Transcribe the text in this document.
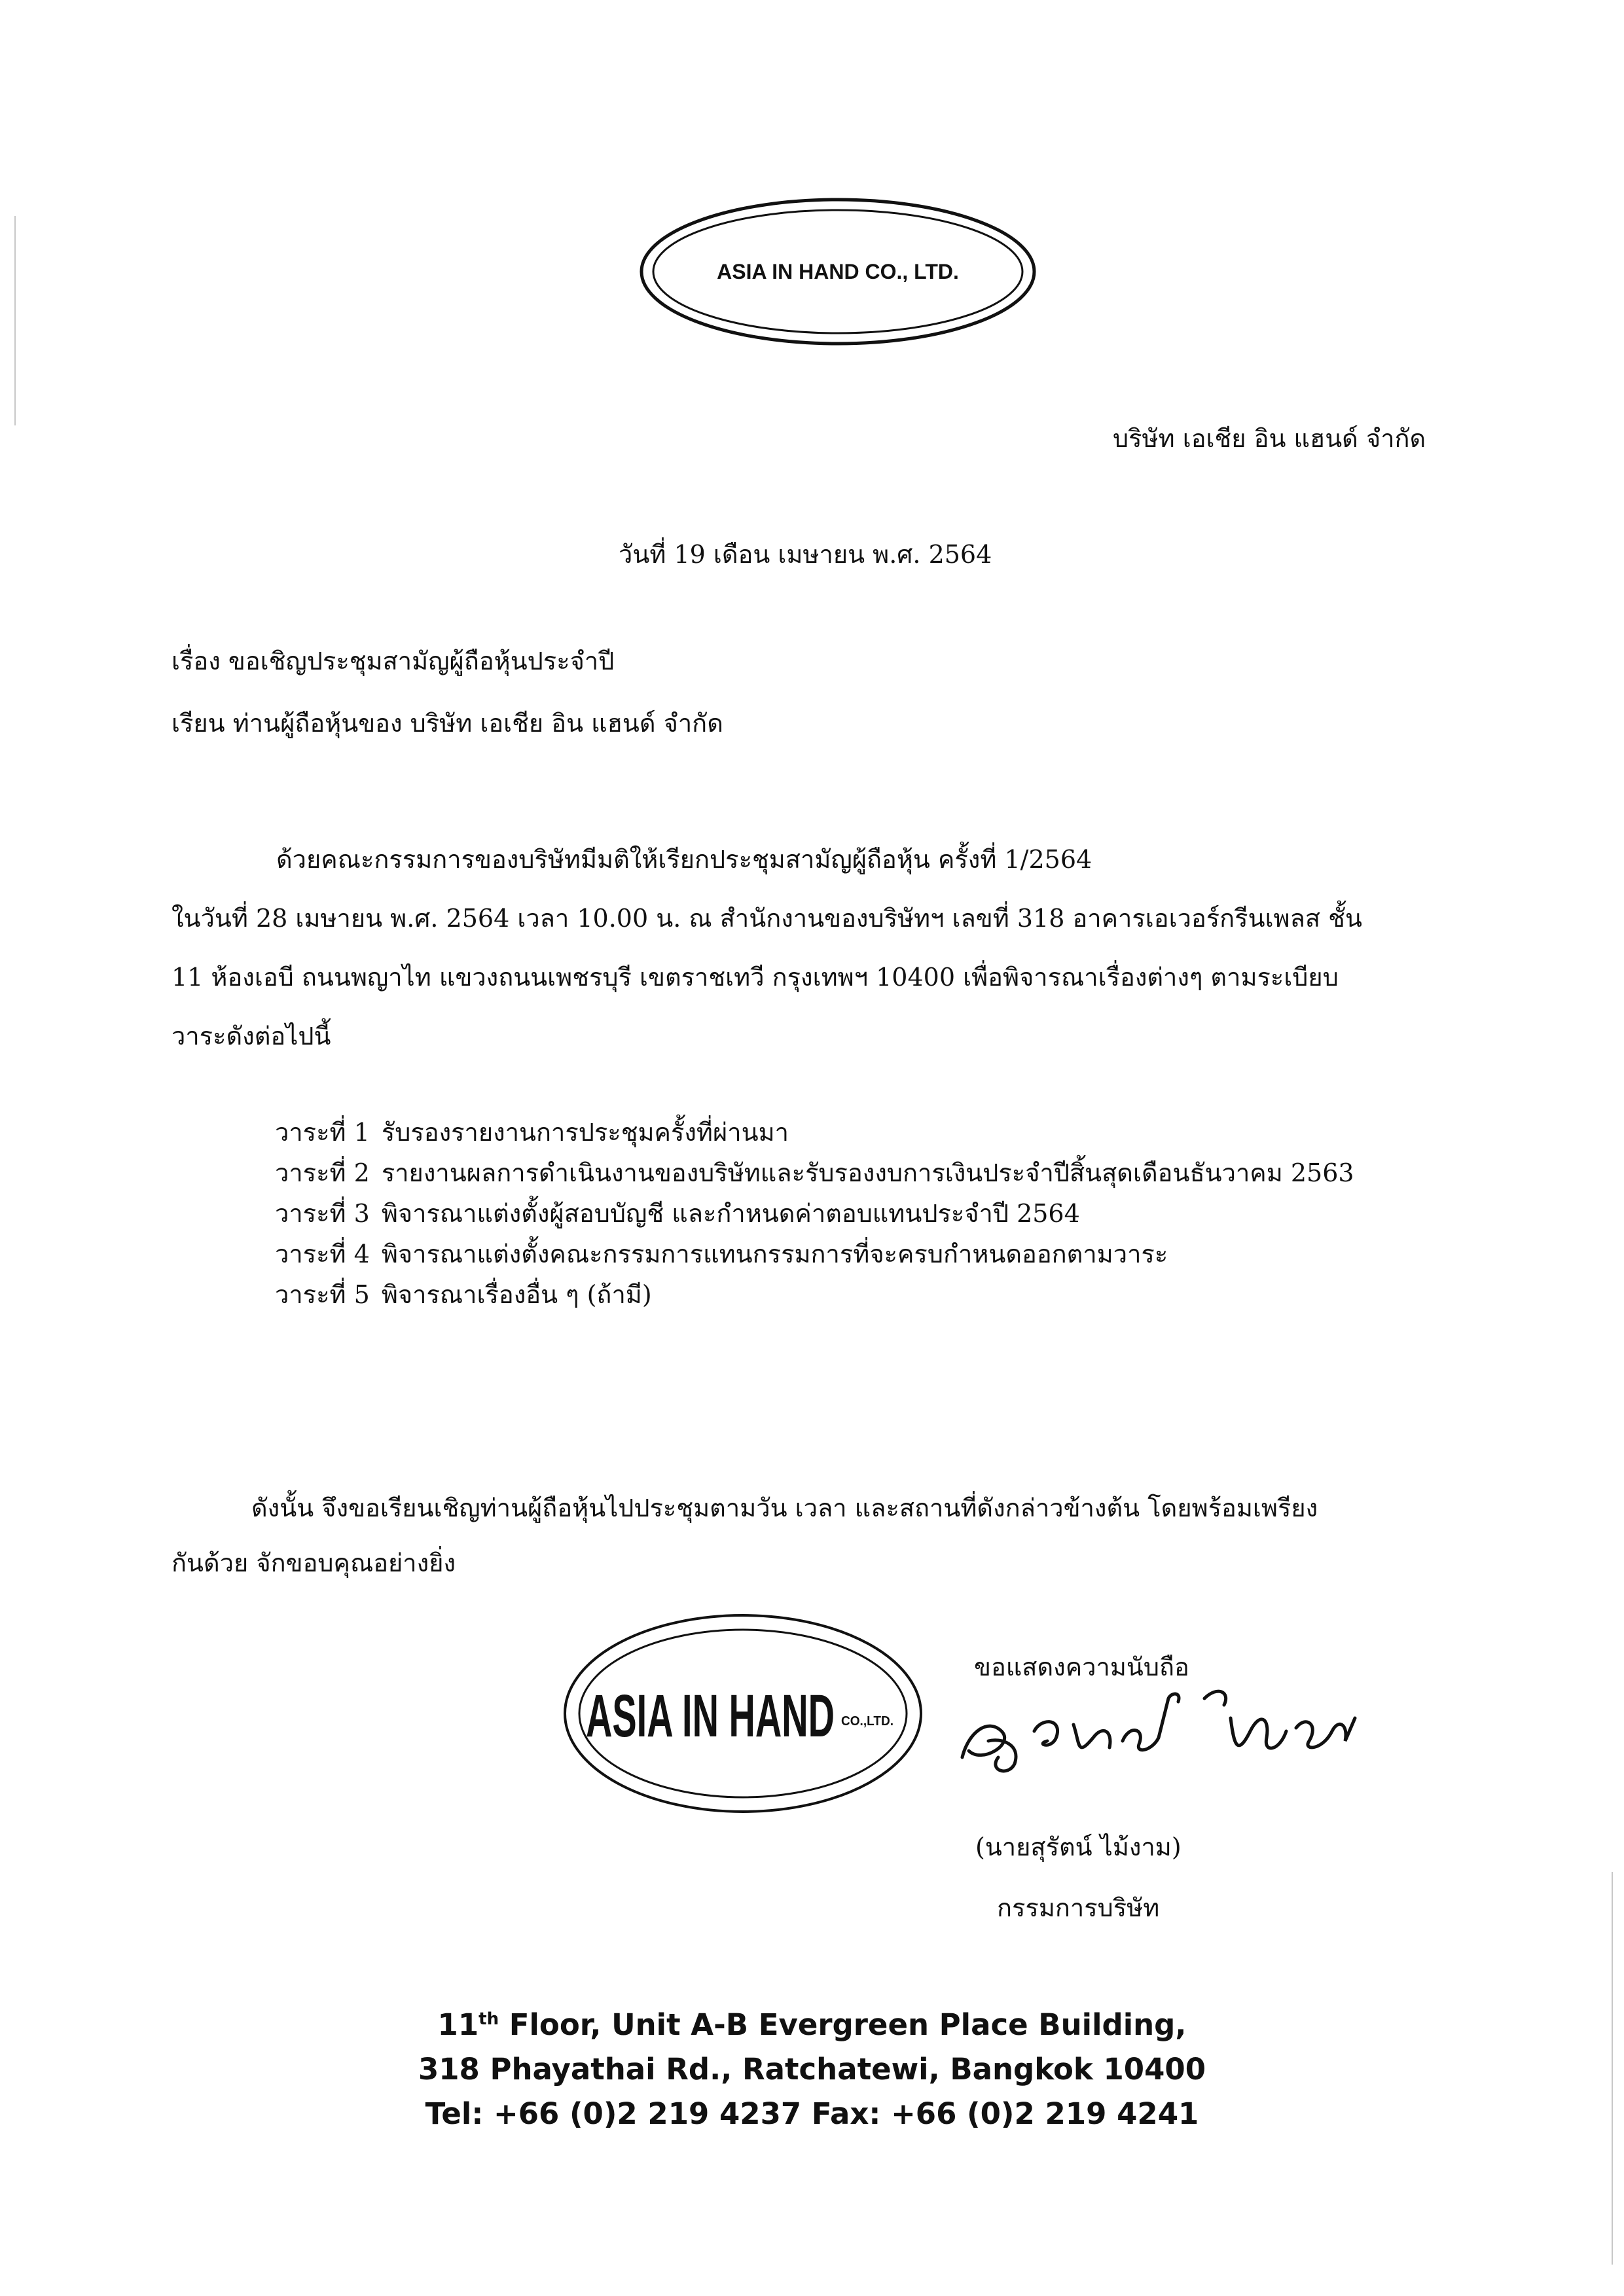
ASIA IN HAND CO., LTD.
บริษัท เอเชีย อิน แฮนด์ จำกัด
วันที่ 19 เดือน เมษายน พ.ศ. 2564
เรื่อง ขอเชิญประชุมสามัญผู้ถือหุ้นประจำปี
เรียน ท่านผู้ถือหุ้นของ บริษัท เอเชีย อิน แฮนด์ จำกัด
ด้วยคณะกรรมการของบริษัทมีมติให้เรียกประชุมสามัญผู้ถือหุ้น ครั้งที่ 1/2564
ในวันที่ 28 เมษายน พ.ศ. 2564 เวลา 10.00 น. ณ สำนักงานของบริษัทฯ เลขที่ 318 อาคารเอเวอร์กรีนเพลส ชั้น
11 ห้องเอบี ถนนพญาไท แขวงถนนเพชรบุรี เขตราชเทวี กรุงเทพฯ 10400 เพื่อพิจารณาเรื่องต่างๆ ตามระเบียบ
วาระดังต่อไปนี้
วาระที่ 1 รับรองรายงานการประชุมครั้งที่ผ่านมา
วาระที่ 2 รายงานผลการดำเนินงานของบริษัทและรับรองงบการเงินประจำปีสิ้นสุดเดือนธันวาคม 2563
วาระที่ 3 พิจารณาแต่งตั้งผู้สอบบัญชี และกำหนดค่าตอบแทนประจำปี 2564
วาระที่ 4 พิจารณาแต่งตั้งคณะกรรมการแทนกรรมการที่จะครบกำหนดออกตามวาระ
วาระที่ 5 พิจารณาเรื่องอื่น ๆ (ถ้ามี)
ดังนั้น จึงขอเรียนเชิญท่านผู้ถือหุ้นไปประชุมตามวัน เวลา และสถานที่ดังกล่าวข้างต้น โดยพร้อมเพรียง
กันด้วย จักขอบคุณอย่างยิ่ง
ASIA IN HAND CO.,LTD.
ขอแสดงความนับถือ
(นายสุรัตน์ ไม้งาม)
กรรมการบริษัท
11th Floor, Unit A-B Evergreen Place Building,
318 Phayathai Rd., Ratchatewi, Bangkok 10400
Tel: +66 (0)2 219 4237 Fax: +66 (0)2 219 4241
